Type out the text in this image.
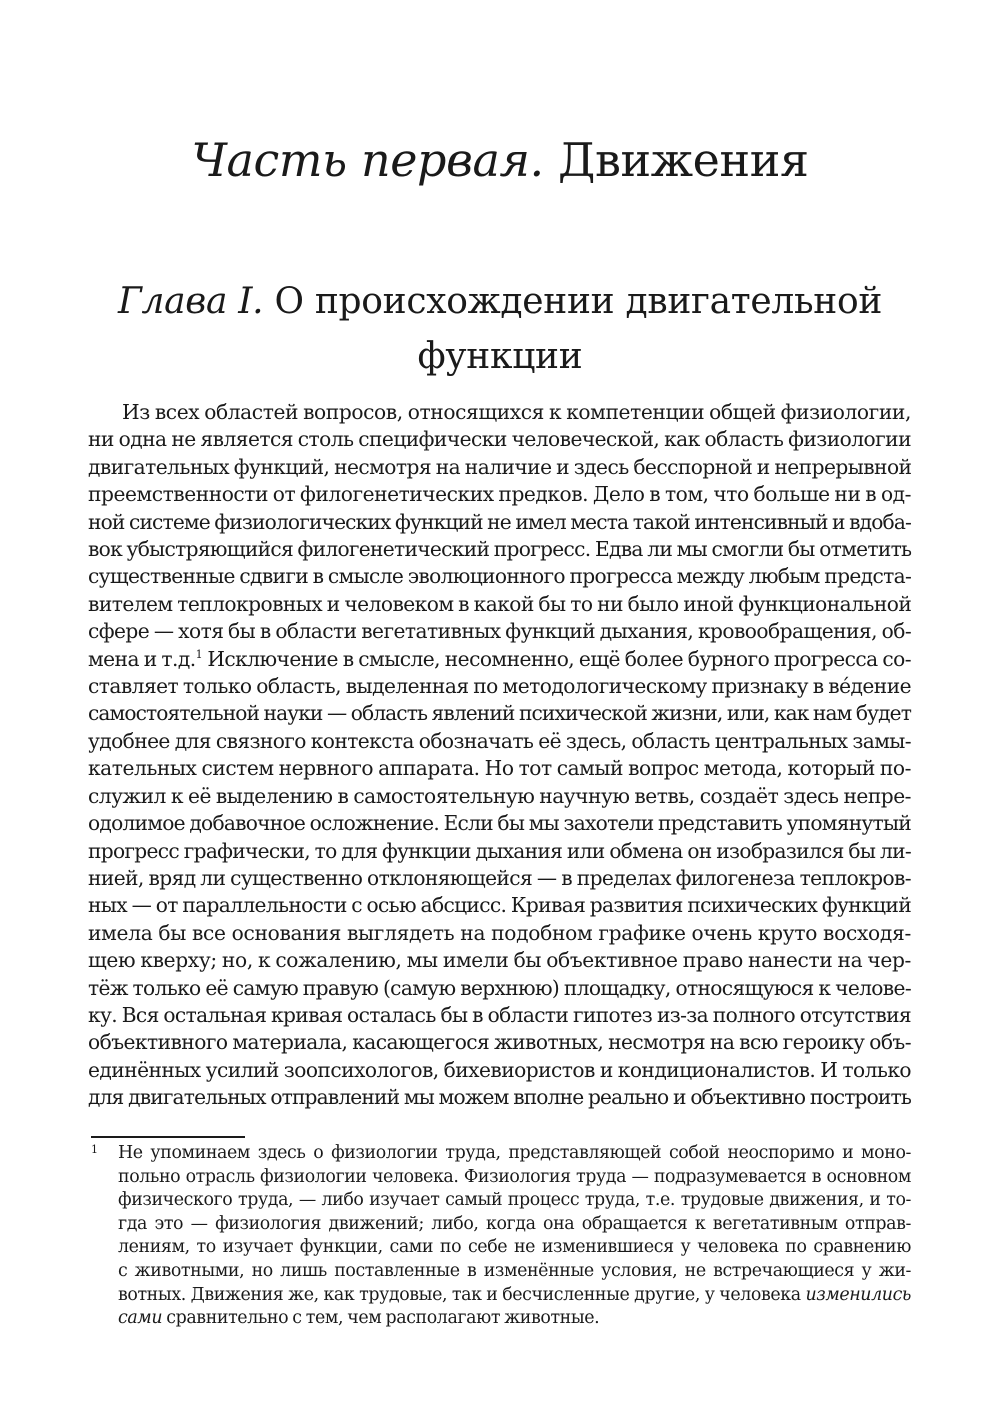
Часть первая. Движения
Глава I. О происхождении двигательной
функции
Из всех областей вопросов, относящихся к компетенции общей физиологии,
ни одна не является столь специфически человеческой, как область физиологии
двигательных функций, несмотря на наличие и здесь бесспорной и непрерывной
преемственности от филогенетических предков. Дело в том, что больше ни в од-
ной системе физиологических функций не имел места такой интенсивный и вдоба-
вок убыстряющийся филогенетический прогресс. Едва ли мы смогли бы отметить
существенные сдвиги в смысле эволюционного прогресса между любым предста-
вителем теплокровных и человеком в какой бы то ни было иной функциональной
сфере — хотя бы в области вегетативных функций дыхания, кровообращения, об-
мена и т.д.$^1$ Исключение в смысле, несомненно, ещё более бурного прогресса со-
ставляет только область, выделенная по методологическому признаку в ве́дение
самостоятельной науки — область явлений психической жизни, или, как нам будет
удобнее для связного контекста обозначать её здесь, область центральных замы-
кательных систем нервного аппарата. Но тот самый вопрос метода, который по-
служил к её выделению в самостоятельную научную ветвь, создаёт здесь непре-
одолимое добавочное осложнение. Если бы мы захотели представить упомянутый
прогресс графически, то для функции дыхания или обмена он изобразился бы ли-
нией, вряд ли существенно отклоняющейся — в пределах филогенеза теплокров-
ных — от параллельности с осью абсцисс. Кривая развития психических функций
имела бы все основания выглядеть на подобном графике очень круто восходя-
щею кверху; но, к сожалению, мы имели бы объективное право нанести на чер-
тёж только её самую правую (самую верхнюю) площадку, относящуюся к челове-
ку. Вся остальная кривая осталась бы в области гипотез из-за полного отсутствия
объективного материала, касающегося животных, несмотря на всю героику объ-
единённых усилий зоопсихологов, бихевиористов и кондиционалистов. И только
для двигательных отправлений мы можем вполне реально и объективно построить
1 Не упоминаем здесь о физиологии труда, представляющей собой неоспоримо и моно-
польно отрасль физиологии человека. Физиология труда — подразумевается в основном
физического труда, — либо изучает самый процесс труда, т.е. трудовые движения, и то-
гда это — физиология движений; либо, когда она обращается к вегетативным отправ-
лениям, то изучает функции, сами по себе не изменившиеся у человека по сравнению
с животными, но лишь поставленные в изменённые условия, не встречающиеся у жи-
вотных. Движения же, как трудовые, так и бесчисленные другие, у человека изменились
сами сравнительно с тем, чем располагают животные.
